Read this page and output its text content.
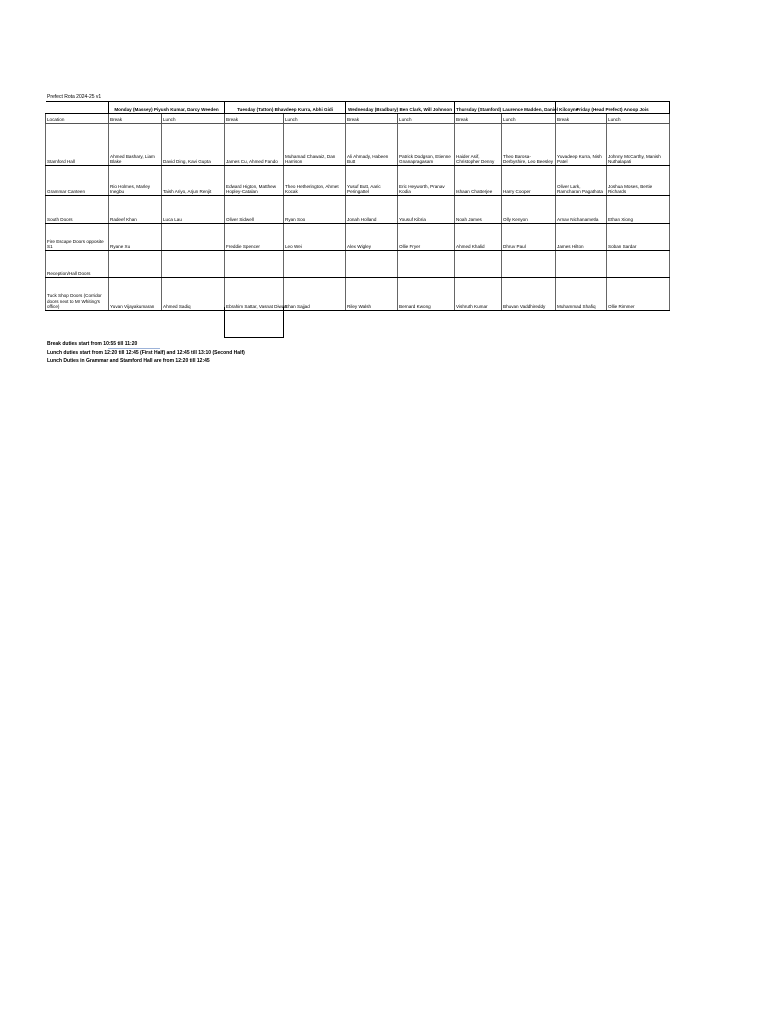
Prefect Rota 2024-25 v1
	Monday (Massey) Piyush Kumar, Darcy Weeden		Tuesday (Tatton) Bhavdeep Kurra, Abhi Gidi		Wednesday (Bradbury) Ben Clark, Will Johnson		Thursday (Stamford) Laurence Madden, Daniel Kilcoyne		Friday (Head Prefect) Anoop Jois	
Location	Break	Lunch	Break	Lunch	Break	Lunch	Break	Lunch	Break	Lunch
Stamford Hall	Ahmed Bashary, Liam Blake	David Ding, Kavi Gupta	James Cu, Ahmed Fando	Muhamad Chawaiz, Dan Harrison	Ali Ahmady, Habeen Butt	Patrick Dodgson, Etienne Gnanapragasam	Haider Asif, Christopher Denny	Theo Barosa-Derbyshire, Leo Beesley	Yuvadeep Kurra, Nish Patel	Johnny McCarthy, Manish Nuthalapati
Grammar Canteen	Rio Holmes, Marley Inegbu	Taish Ariyo, Arjun Renjit	Edward Higton, Matthew Hopley-Catalan	Theo Hetherington, Ahmet Kocak	Yusuf Butt, Aaric Peringattel	Eric Heyworth, Pranav Kodia	Ishaan Chatterjee	Harry Cooper	Oliver Lark, Ramcharan Pagathota	Joshua Moses, Bertie Richards
South Doors	Radeef Khan	Luca Lau	Oliver Sidwell	Ryan Soo	Jonah Holland	Yousuf Kibria	Noah James	Olly Kenyon	Arnav Nichanametla	Ethan Xiong
Fire Escape Doors opposite S1	Ryane Xu		Freddie Spencer	Leo Wei	Alex Wigley	Ollie Fryer	Ahmed Khalid	Dhruv Paul	James Hilton	Soban Sardar
Reception/Hall Doors										
Tuck Shop Doors (Corridor doors next to Mr Whiting's office)	Yuvan Vijayakumaran	Ahmed Sadiq	Ebrahim Sattar, Vasnat Diwan	Ehan Sajjad	Riley Walsh	Bernard Kwong	Vishruth Kumar	Bhuvan Vaddhireddy	Muhammad Shafiq	Ollie Rimmer
Break duties start from 10:55 till 11:20
Lunch duties start from 12:20 till 12:45 (First Half) and 12:45 till 13:10 (Second Half)
Lunch Duties in Grammar and Stamford Hall are from 12:20 till 12:45
